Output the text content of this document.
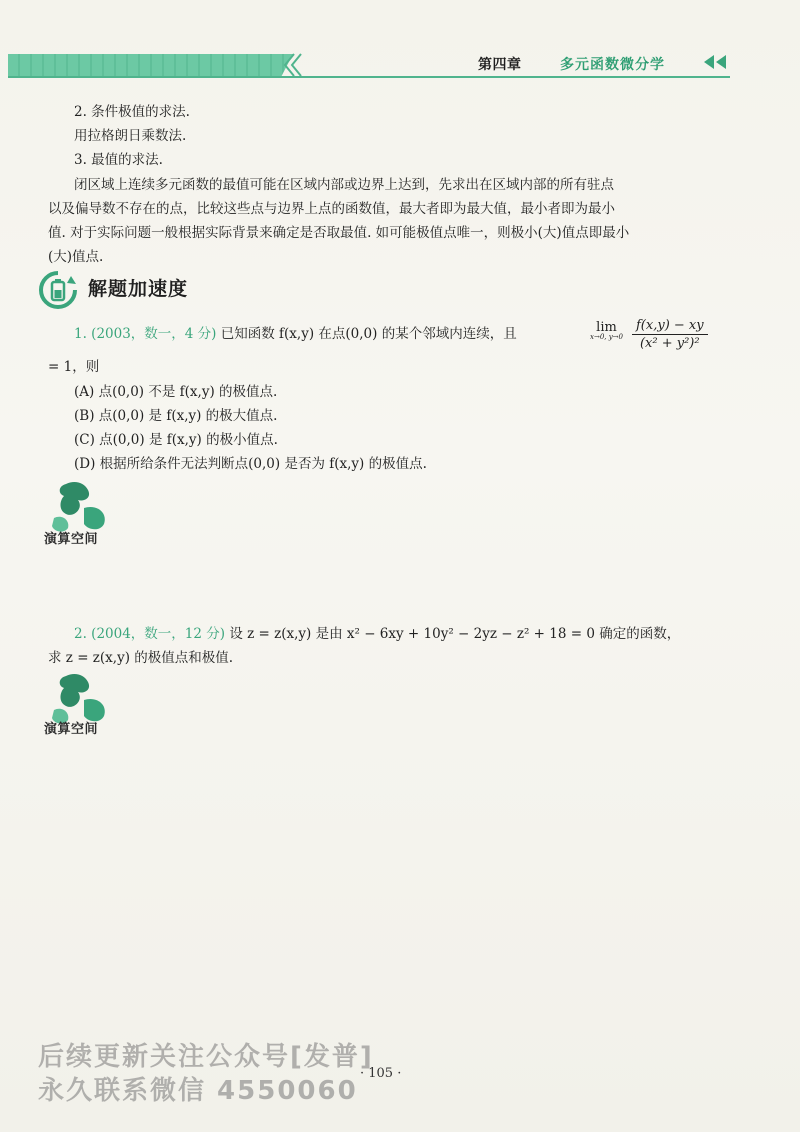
第四章	多元函数微分学
2. 条件极值的求法.
用拉格朗日乘数法.
3. 最值的求法.
闭区域上连续多元函数的最值可能在区域内部或边界上达到，先求出在区域内部的所有驻点
以及偏导数不存在的点，比较这些点与边界上点的函数值，最大者即为最大值，最小者即为最小
值. 对于实际问题一般根据实际背景来确定是否取最值. 如可能极值点唯一，则极小(大)值点即最小
(大)值点.
解题加速度
1. (2003，数一，4 分) 已知函数 f(x,y) 在点(0,0) 的某个邻域内连续，且	lim
x→0, y→0
f(x,y) − xy
(x² + y²)²
= 1，则
(A) 点(0,0) 不是 f(x,y) 的极值点.
(B) 点(0,0) 是 f(x,y) 的极大值点.
(C) 点(0,0) 是 f(x,y) 的极小值点.
(D) 根据所给条件无法判断点(0,0) 是否为 f(x,y) 的极值点.
演算空间
2. (2004，数一，12 分) 设 z = z(x,y) 是由 x² − 6xy + 10y² − 2yz − z² + 18 = 0 确定的函数，
求 z = z(x,y) 的极值点和极值.
演算空间
· 105 ·
后续更新关注公众号[发普]
永久联系微信 4550060
